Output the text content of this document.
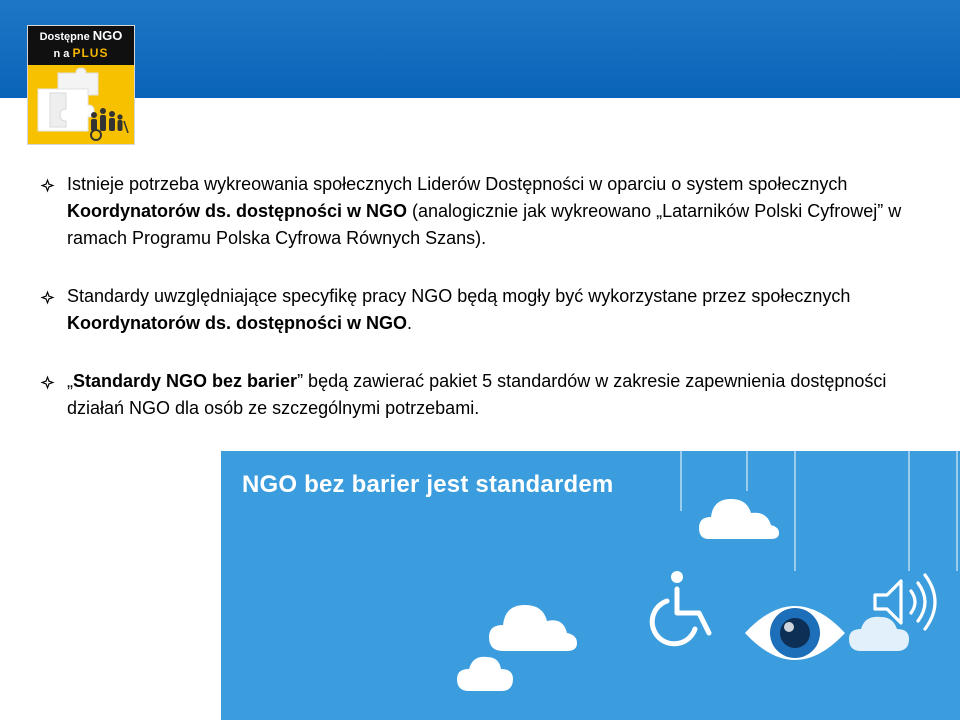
Dostępne NGO
n a PLUS
Istnieje potrzeba wykreowania społecznych Liderów Dostępności w oparciu o system społecznych Koordynatorów ds. dostępności w NGO (analogicznie jak wykreowano „Latarników Polski Cyfrowej” w ramach Programu Polska Cyfrowa Równych Szans).
Standardy uwzględniające specyfikę pracy NGO będą mogły być wykorzystane przez społecznych Koordynatorów ds. dostępności w NGO.
„Standardy NGO bez barier” będą zawierać pakiet 5 standardów w zakresie zapewnienia dostępności działań NGO dla osób ze szczególnymi potrzebami.
NGO bez barier jest standardem
